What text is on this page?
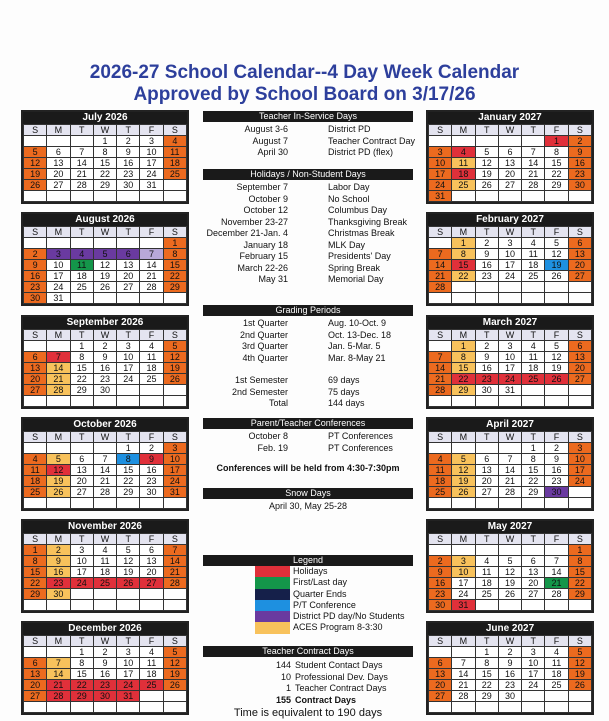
2026-27 School Calendar--4 Day Week Calendar
Approved by School Board on 3/17/26
July 2026
S	M	T	W	T	F	S
			1	2	3	4
5	6	7	8	9	10	11
12	13	14	15	16	17	18
19	20	21	22	23	24	25
26	27	28	29	30	31	

August 2026
S	M	T	W	T	F	S
						1
2	3	4	5	6	7	8
9	10	11	12	13	14	15
16	17	18	19	20	21	22
23	24	25	26	27	28	29
30	31					
September 2026
S	M	T	W	T	F	S
		1	2	3	4	5
6	7	8	9	10	11	12
13	14	15	16	17	18	19
20	21	22	23	24	25	26
27	28	29	30			

October 2026
S	M	T	W	T	F	S
				1	2	3
4	5	6	7	8	9	10
11	12	13	14	15	16	17
18	19	20	21	22	23	24
25	26	27	28	29	30	31

November 2026
S	M	T	W	T	F	S
1	2	3	4	5	6	7
8	9	10	11	12	13	14
15	16	17	18	19	20	21
22	23	24	25	26	27	28
29	30					

December 2026
S	M	T	W	T	F	S
		1	2	3	4	5
6	7	8	9	10	11	12
13	14	15	16	17	18	19
20	21	22	23	24	25	26
27	28	29	30	31		

January 2027
S	M	T	W	T	F	S
					1	2
3	4	5	6	7	8	9
10	11	12	13	14	15	16
17	18	19	20	21	22	23
24	25	26	27	28	29	30
31						
February 2027
S	M	T	W	T	F	S
	1	2	3	4	5	6
7	8	9	10	11	12	13
14	15	16	17	18	19	20
21	22	23	24	25	26	27
28						

March 2027
S	M	T	W	T	F	S
	1	2	3	4	5	6
7	8	9	10	11	12	13
14	15	16	17	18	19	20
21	22	23	24	25	26	27
28	29	30	31			

April 2027
S	M	T	W	T	F	S
				1	2	3
4	5	6	7	8	9	10
11	12	13	14	15	16	17
18	19	20	21	22	23	24
25	26	27	28	29	30	

May 2027
S	M	T	W	T	F	S
						1
2	3	4	5	6	7	8
9	10	11	12	13	14	15
16	17	18	19	20	21	22
23	24	25	26	27	28	29
30	31					
June 2027
S	M	T	W	T	F	S
		1	2	3	4	5
6	7	8	9	10	11	12
13	14	15	16	17	18	19
20	21	22	23	24	25	26
27	28	29	30			

Teacher In-Service Days
August 3-6	District PD
August 7	Teacher Contract Day
April 30	District PD (flex)
Holidays / Non-Student Days
September 7	Labor Day
October 9	No School
October 12	Columbus Day
November 23-27	Thanksgiving Break
December 21-Jan. 4	Christmas Break
January 18	MLK Day
February 15	Presidents' Day
March 22-26	Spring Break
May 31	Memorial Day
Grading Periods
1st Quarter	Aug. 10-Oct. 9
2nd Quarter	Oct. 13-Dec. 18
3rd Quarter	Jan. 5-Mar. 5
4th Quarter	Mar. 8-May 21
1st Semester	69 days
2nd Semester	75 days
Total	144 days
Parent/Teacher Conferences
October 8	PT Conferences
Feb. 19	PT Conferences
Conferences will be held from 4:30-7:30pm
Snow Days
April 30, May 25-28
Legend
Holidays
First/Last day
Quarter Ends
P/T Conference
District PD day/No Students
ACES Program 8-3:30
Teacher Contract Days
144 Student Contact Days
10 Professional Dev. Days
1 Teacher Contract Days
155 Contract Days
Time is equivalent to 190 days
